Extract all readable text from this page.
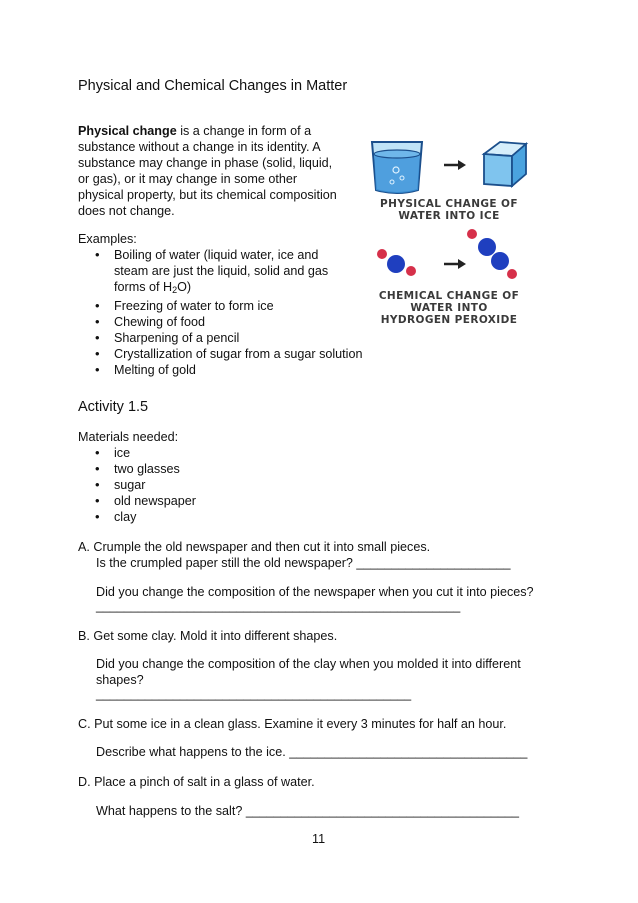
Physical and Chemical Changes in Matter
Physical change is a change in form of a
substance without a change in its identity. A
substance may change in phase (solid, liquid,
or gas), or it may change in some other
physical property, but its chemical composition
does not change.
Examples:
• Boiling of water (liquid water, ice and
steam are just the liquid, solid and gas
forms of $H_2O$)
• Freezing of water to form ice
• Chewing of food
• Sharpening of a pencil
• Crystallization of sugar from a sugar solution
• Melting of gold
PHYSICAL CHANGE OF
WATER INTO ICE
CHEMICAL CHANGE OF
WATER INTO
HYDROGEN PEROXIDE
Activity 1.5
Materials needed:
• ice
• two glasses
• sugar
• old newspaper
• clay
A. Crumple the old newspaper and then cut it into small pieces.
Is the crumpled paper still the old newspaper? ______________________
Did you change the composition of the newspaper when you cut it into pieces?
____________________________________________________
B. Get some clay. Mold it into different shapes.
Did you change the composition of the clay when you molded it into different
shapes?
_____________________________________________
C. Put some ice in a clean glass. Examine it every 3 minutes for half an hour.
Describe what happens to the ice. __________________________________
D. Place a pinch of salt in a glass of water.
What happens to the salt? _______________________________________
11
